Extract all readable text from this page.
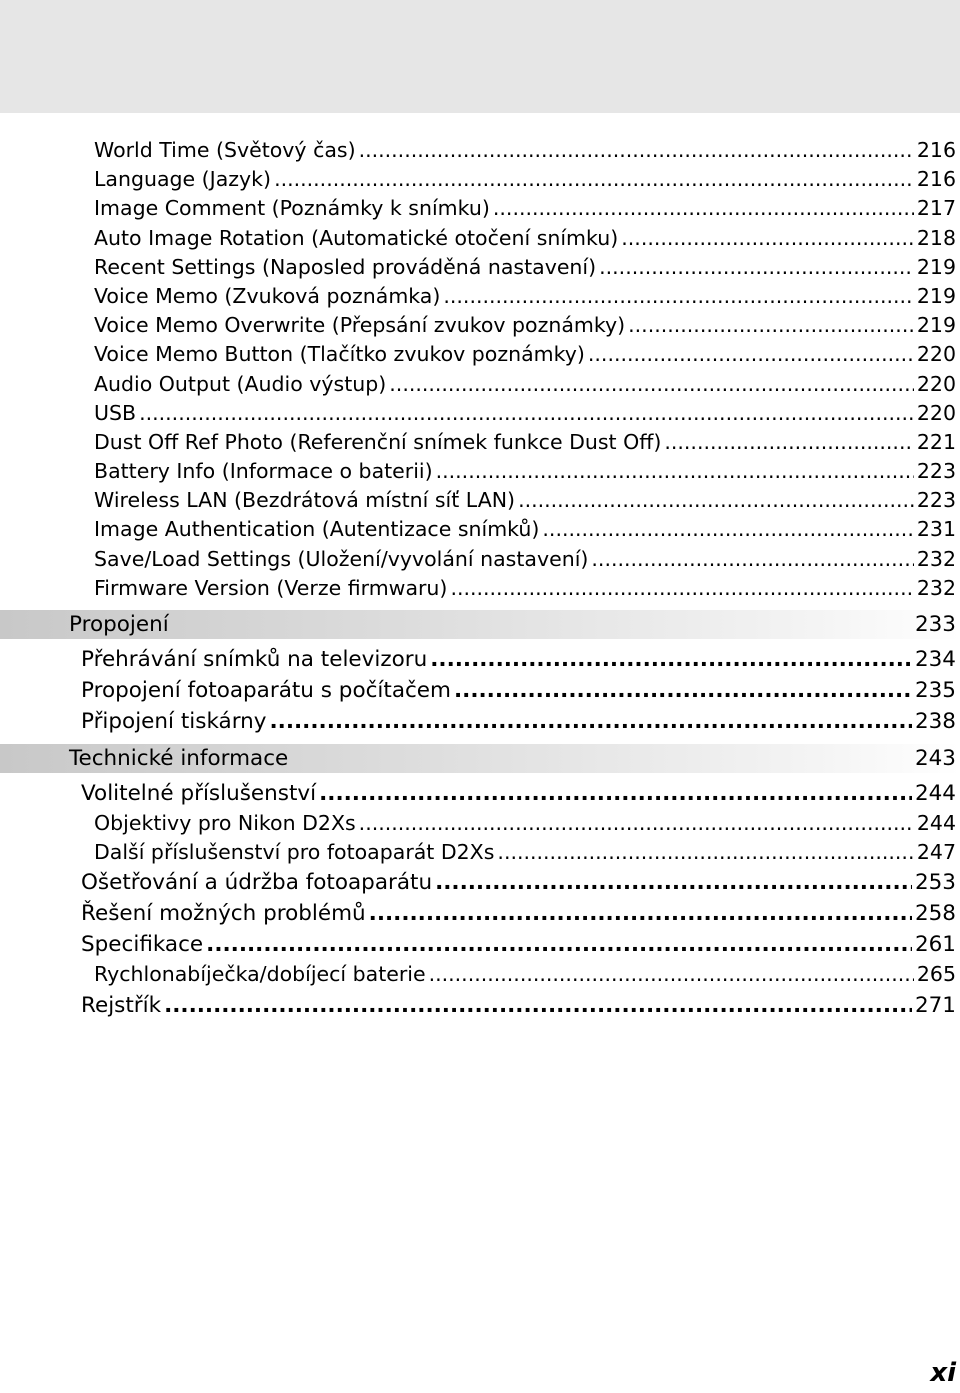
World Time (Světový čas) .....	216
Language (Jazyk) .....	216
Image Comment (Poznámky k snímku) .....	217
Auto Image Rotation (Automatické otočení snímku) .....	218
Recent Settings (Naposled prováděná nastavení) .....	219
Voice Memo (Zvuková poznámka) .....	219
Voice Memo Overwrite (Přepsání zvukov poznámky) .....	219
Voice Memo Button (Tlačítko zvukov poznámky) .....	220
Audio Output (Audio výstup) .....	220
USB .....	220
Dust Off Ref Photo (Referenční snímek funkce Dust Off) .....	221
Battery Info (Informace o baterii) .....	223
Wireless LAN (Bezdrátová místní síť LAN) .....	223
Image Authentication (Autentizace snímků) .....	231
Save/Load Settings (Uložení/vyvolání nastavení) .....	232
Firmware Version (Verze firmwaru) .....	232
Propojení	233
Přehrávání snímků na televizoru .....	234
Propojení fotoaparátu s počítačem .....	235
Připojení tiskárny .....	238
Technické informace	243
Volitelné příslušenství .....	244
Objektivy pro Nikon D2Xs .....	244
Další příslušenství pro fotoaparát D2Xs .....	247
Ošetřování a údržba fotoaparátu .....	253
Řešení možných problémů .....	258
Specifikace .....	261
Rychlonabíječka/dobíjecí baterie .....	265
Rejstřík .....	271
xi
